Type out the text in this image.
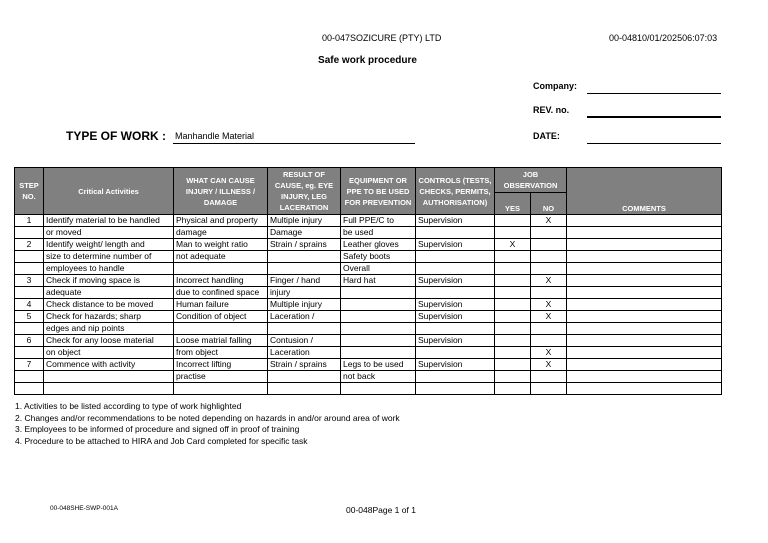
00-047SOZICURE (PTY) LTD	00-04810/01/202506:07:03
Safe work procedure
Company:
REV. no.
DATE:
TYPE OF WORK : Manhandle Material
STEP NO.	Critical Activities	WHAT CAN CAUSE INJURY / ILLNESS / DAMAGE	RESULT OF CAUSE, eg. EYE INJURY, LEG LACERATION	EQUIPMENT OR PPE TO BE USED FOR PREVENTION	CONTROLS (TESTS, CHECKS, PERMITS, AUTHORISATION)	JOB OBSERVATION		COMMENTS
						YES	NO	
1	Identify material to be handled	Physical and property	Multiple injury	Full PPE/C to	Supervision		X	
	or moved	damage	Damage	be used				
2	Identify weight/ length and	Man to weight ratio	Strain / sprains	Leather gloves	Supervision	X		
	size to determine number of	not adequate		Safety boots				
	employees to handle			Overall				
3	Check if moving space is	Incorrect handling	Finger / hand	Hard hat	Supervision		X	
	adequate	due to confined space	injury					
4	Check distance to be moved	Human failure	Multiple injury		Supervision		X	
5	Check for hazards; sharp	Condition of object	Laceration /		Supervision		X	
	edges and nip points							
6	Check for any loose material	Loose matrial falling	Contusion /		Supervision			
	on object	from object	Laceration				X	
7	Commence with activity	Incorrect lifting	Strain / sprains	Legs to be used	Supervision		X	
		practise		not back				

1. Activities to be listed according to type of work highlighted
2. Changes and/or recommendations to be noted depending on hazards in and/or around area of work
3. Employees to be informed of procedure and signed off in proof of training
4. Procedure to be attached to HIRA and Job Card completed for specific task
00-048SHE-SWP-001A	00-048Page 1 of 1
